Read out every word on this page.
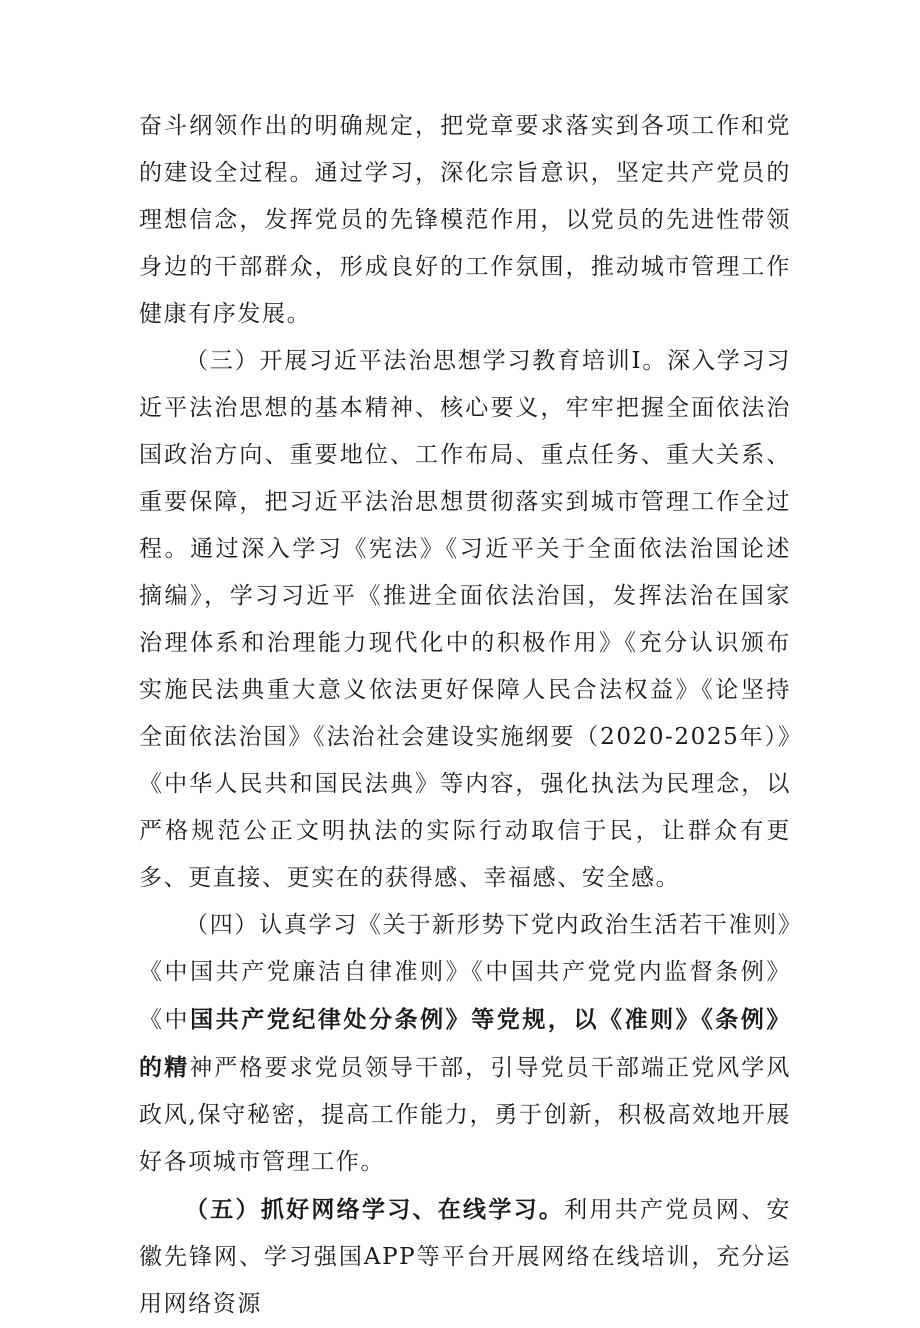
奋斗纲领作出的明确规定，把党章要求落实到各项工作和党的建设全过程。通过学习，深化宗旨意识，坚定共产党员的理想信念，发挥党员的先锋模范作用，以党员的先进性带领身边的干部群众，形成良好的工作氛围，推动城市管理工作健康有序发展。

（三）开展习近平法治思想学习教育培训Ⅰ。深入学习习近平法治思想的基本精神、核心要义，牢牢把握全面依法治国政治方向、重要地位、工作布局、重点任务、重大关系、重要保障，把习近平法治思想贯彻落实到城市管理工作全过程。通过深入学习《宪法》《习近平关于全面依法治国论述摘编》，学习习近平《推进全面依法治国，发挥法治在国家治理体系和治理能力现代化中的积极作用》《充分认识颁布实施民法典重大意义依法更好保障人民合法权益》《论坚持全面依法治国》《法治社会建设实施纲要（2020-2025年）》《中华人民共和国民法典》等内容，强化执法为民理念，以严格规范公正文明执法的实际行动取信于民，让群众有更多、更直接、更实在的获得感、幸福感、安全感。

（四）认真学习《关于新形势下党内政治生活若干准则》《中国共产党廉洁自律准则》《中国共产党党内监督条例》《中国共产党纪律处分条例》等党规，以《准则》《条例》的精神严格要求党员领导干部，引导党员干部端正党风学风政风,保守秘密，提高工作能力，勇于创新，积极高效地开展好各项城市管理工作。

（五）抓好网络学习、在线学习。利用共产党员网、安徽先锋网、学习强国APP等平台开展网络在线培训，充分运用网络资源
